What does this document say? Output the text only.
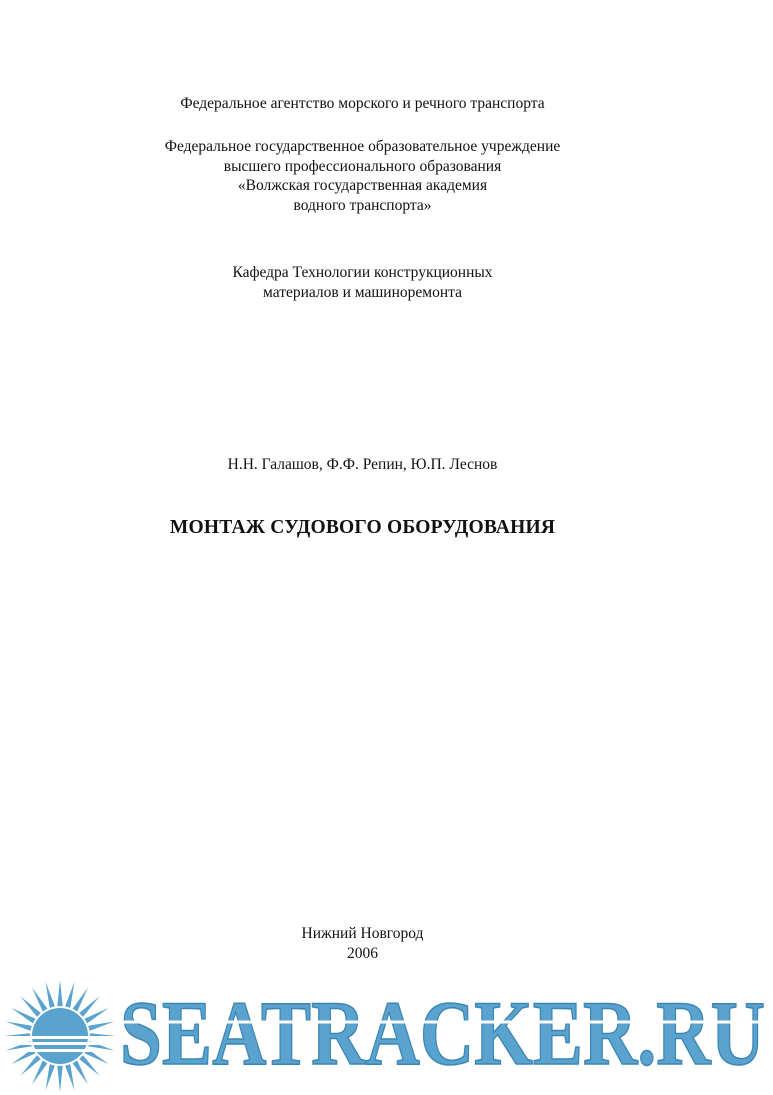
Федеральное агентство морского и речного транспорта
Федеральное государственное образовательное учреждение
высшего профессионального образования
«Волжская государственная академия
водного транспорта»
Кафедра Технологии конструкционных
материалов и машиноремонта
Н.Н. Галашов, Ф.Ф. Репин, Ю.П. Леснов
МОНТАЖ СУДОВОГО ОБОРУДОВАНИЯ
Нижний Новгород
2006
SEATRACKER.RU
